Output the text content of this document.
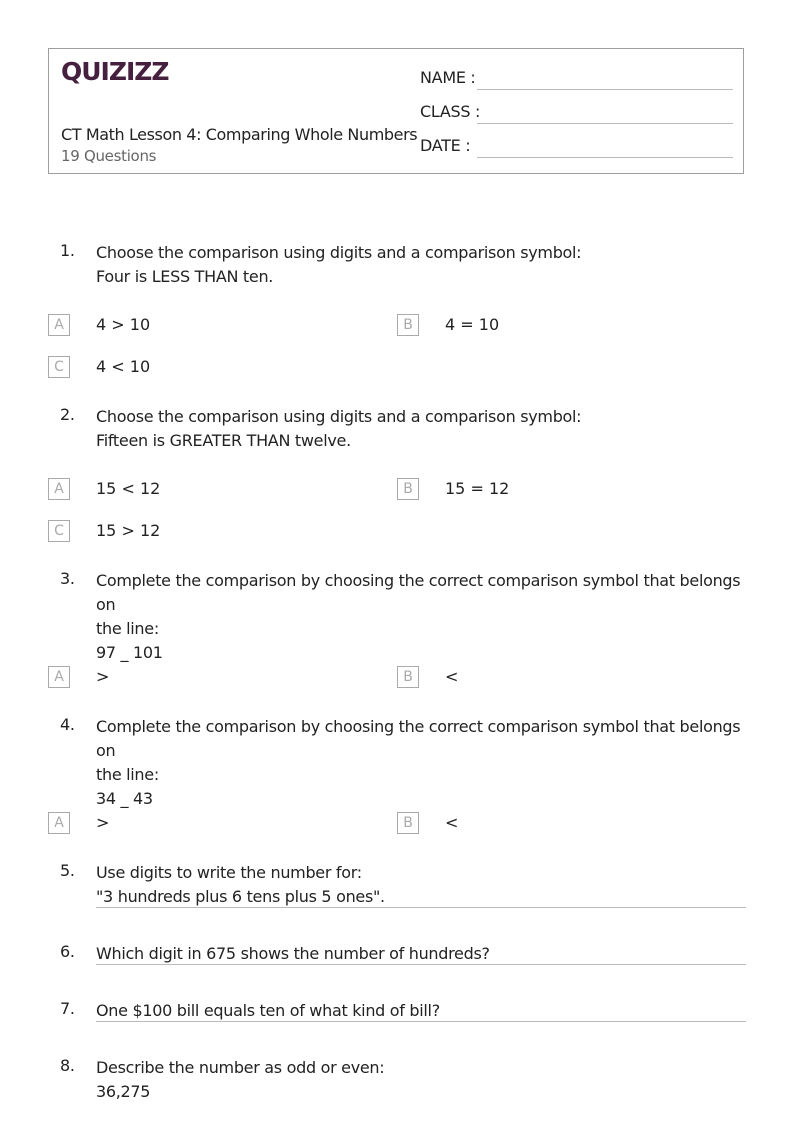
QUIZIZZ
CT Math Lesson 4: Comparing Whole Numbers
19 Questions
NAME :
CLASS :
DATE :
1. Choose the comparison using digits and a comparison symbol:
Four is LESS THAN ten.
A	4 > 10	B	4 = 10
C	4 < 10
2. Choose the comparison using digits and a comparison symbol:
Fifteen is GREATER THAN twelve.
A	15 < 12	B	15 = 12
C	15 > 12
3. Complete the comparison by choosing the correct comparison symbol that belongs on
the line:
97 _ 101
A	>	B	<
4. Complete the comparison by choosing the correct comparison symbol that belongs on
the line:
34 _ 43
A	>	B	<
5. Use digits to write the number for:
"3 hundreds plus 6 tens plus 5 ones".
6. Which digit in 675 shows the number of hundreds?
7. One $100 bill equals ten of what kind of bill?
8. Describe the number as odd or even:
36,275
